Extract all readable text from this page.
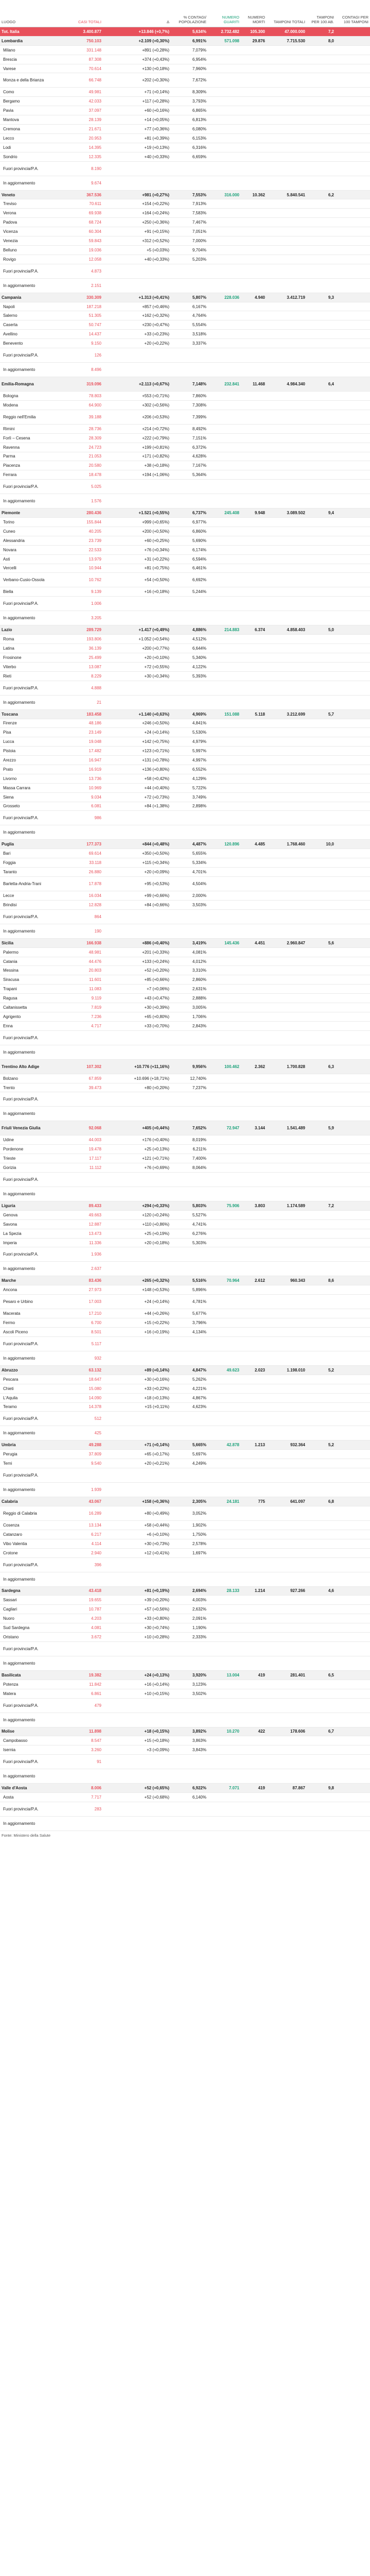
LUOGO	CASI TOTALI	Δ	% CONTAGI/ POPOLAZIONE	NUMERO GUARITI	NUMERO MORTI	TAMPONI TOTALI	TAMPONI PER 100 AB.	CONTAGI PER 100 TAMPONI
Tot. Italia	3.400.877	+13.846 (+0,7%)	5,634%	2.732.482	105.300	47.000.000	7,2	
Lombardia	750.103	+2.109 (+0,30%)	6,991%	571.098	29.876	7.715.530	8,0	
Milano	331.148	+891 (+0,28%)	7,079%					
Brescia	87.308	+374 (+0,43%)	6,954%					
Varese	70.614	+130 (+0,18%)	7,960%					
Monza e della Brianza	66.748	+202 (+0,30%)	7,672%					
Como	49.981	+71 (+0,14%)	8,309%					
Bergamo	42.033	+117 (+0,28%)	3,793%					
Pavia	37.097	+60 (+0,16%)	6,865%					
Mantova	28.139	+14 (+0,05%)	6,813%					
Cremona	21.671	+77 (+0,36%)	6,080%					
Lecco	20.953	+81 (+0,39%)	6,153%					
Lodi	14.395	+19 (+0,13%)	6,316%					
Sondrio	12.335	+40 (+0,33%)	6,659%					
Fuori provincia/P.A.	8.190							
In aggiornamento	9.674							
Veneto	367.536	+981 (+0,27%)	7,553%	316.000	10.362	5.840.541	6,2	
Treviso	70.611	+154 (+0,22%)	7,913%					
Verona	69.938	+164 (+0,24%)	7,583%					
Padova	68.724	+250 (+0,36%)	7,467%					
Vicenza	60.304	+91 (+0,15%)	7,051%					
Venezia	59.843	+312 (+0,52%)	7,000%					
Belluno	19.036	+5 (+0,03%)	9,704%					
Rovigo	12.058	+40 (+0,33%)	5,203%					
Fuori provincia/P.A.	4.873							
In aggiornamento	2.151							
Campania	330.309	+1.313 (+0,41%)	5,807%	228.036	4.940	3.412.719	9,3	
Napoli	187.218	+857 (+0,46%)	6,167%					
Salerno	51.305	+162 (+0,32%)	4,764%					
Caserta	50.747	+230 (+0,47%)	5,554%					
Avellino	14.437	+33 (+0,23%)	3,518%					
Benevento	9.150	+20 (+0,22%)	3,337%					
Fuori provincia/P.A.	126							
In aggiornamento	8.496							
Emilia-Romagna	319.096	+2.113 (+0,67%)	7,148%	232.841	11.468	4.984.340	6,4	
Bologna	78.803	+553 (+0,71%)	7,860%					
Modena	64.900	+302 (+0,56%)	7,308%					
Reggio nell'Emilia	39.188	+206 (+0,53%)	7,399%					
Rimini	28.736	+214 (+0,72%)	8,492%					
Forlì – Cesena	28.309	+222 (+0,79%)	7,151%					
Ravenna	24.723	+199 (+0,81%)	6,372%					
Parma	21.053	+171 (+0,82%)	4,628%					
Piacenza	20.580	+38 (+0,18%)	7,167%					
Ferrara	18.478	+194 (+1,06%)	5,364%					
Fuori provincia/P.A.	5.025							
In aggiornamento	1.576							
Piemonte	280.436	+1.521 (+0,55%)	6,737%	245.408	9.948	3.089.502	9,4	
Torino	155.844	+999 (+0,65%)	6,977%					
Cuneo	40.205	+200 (+0,50%)	6,860%					
Alessandria	23.739	+60 (+0,25%)	5,690%					
Novara	22.533	+76 (+0,34%)	6,174%					
Asti	13.979	+31 (+0,22%)	6,594%					
Vercelli	10.944	+81 (+0,75%)	6,461%					
Verbano-Cusio-Ossola	10.762	+54 (+0,50%)	6,692%					
Biella	9.139	+16 (+0,18%)	5,244%					
Fuori provincia/P.A.	1.006							
In aggiornamento	3.205							
Lazio	289.729	+1.417 (+0,49%)	4,886%	214.883	6.374	4.858.403	5,0	
Roma	193.806	+1.052 (+0,54%)	4,512%					
Latina	36.139	+200 (+0,77%)	6,644%					
Frosinone	25.499	+20 (+0,10%)	5,340%					
Viterbo	13.087	+72 (+0,55%)	4,122%					
Rieti	8.229	+30 (+0,34%)	5,393%					
Fuori provincia/P.A.	4.888							
In aggiornamento	21							
Toscana	183.458	+1.140 (+0,63%)	4,969%	151.088	5.118	3.212.699	5,7	
Firenze	48.186	+246 (+0,50%)	4,841%					
Pisa	23.149	+24 (+0,14%)	5,530%					
Lucca	19.048	+142 (+0,75%)	4,979%					
Pistoia	17.482	+123 (+0,71%)	5,997%					
Arezzo	16.947	+131 (+0,78%)	4,997%					
Prato	16.919	+136 (+0,80%)	6,552%					
Livorno	13.736	+58 (+0,42%)	4,129%					
Massa Carrara	10.969	+44 (+0,40%)	5,722%					
Siena	9.034	+72 (+0,73%)	3,749%					
Grosseto	6.081	+84 (+1,38%)	2,898%					
Fuori provincia/P.A.	986							
In aggiornamento								
Puglia	177.373	+844 (+0,48%)	4,487%	120.896	4.485	1.768.460	10,0	
Bari	69.614	+350 (+0,50%)	5,655%					
Foggia	33.118	+115 (+0,34%)	5,334%					
Taranto	26.880	+20 (+0,09%)	4,701%					
Barletta-Andria-Trani	17.878	+95 (+0,53%)	4,504%					
Lecce	16.034	+99 (+0,66%)	2,000%					
Brindisi	12.828	+84 (+0,66%)	3,503%					
Fuori provincia/P.A.	864							
In aggiornamento	190							
Sicilia	166.938	+886 (+0,40%)	3,419%	145.436	4.451	2.960.847	5,6	
Palermo	48.981	+201 (+0,33%)	4,081%					
Catania	44.476	+133 (+0,24%)	4,012%					
Messina	20.803	+52 (+0,20%)	3,310%					
Siracusa	11.601	+85 (+0,66%)	2,860%					
Trapani	11.083	+7 (+0,06%)	2,631%					
Ragusa	9.119	+43 (+0,47%)	2,888%					
Caltanissetta	7.819	+30 (+0,39%)	3,005%					
Agrigento	7.236	+65 (+0,80%)	1,706%					
Enna	4.717	+33 (+0,70%)	2,843%					
Fuori provincia/P.A.								
In aggiornamento								
Trentino Alto Adige	107.302	+10.776 (+11,16%)	9,956%	100.462	2.362	1.700.828	6,3	
Bolzano	67.859	+10.696 (+18,71%)	12,740%					
Trento	39.473	+80 (+0,20%)	7,237%					
Fuori provincia/P.A.								
In aggiornamento								
Friuli Venezia Giulia	92.068	+405 (+0,44%)	7,652%	72.947	3.144	1.541.489	5,9	
Udine	44.003	+176 (+0,40%)	8,019%					
Pordenone	19.478	+25 (+0,13%)	6,211%					
Trieste	17.117	+121 (+0,71%)	7,400%					
Gorizia	11.112	+76 (+0,69%)	8,064%					
Fuori provincia/P.A.								
In aggiornamento								
Liguria	89.433	+294 (+0,33%)	5,803%	75.906	3.803	1.174.589	7,2	
Genova	49.663	+120 (+0,24%)	5,527%					
Savona	12.887	+110 (+0,86%)	4,741%					
La Spezia	13.473	+25 (+0,19%)	6,276%					
Imperia	11.336	+20 (+0,18%)	5,303%					
Fuori provincia/P.A.	1.936							
In aggiornamento	2.637							
Marche	83.436	+265 (+0,32%)	5,516%	70.964	2.612	960.343	8,6	
Ancona	27.973	+148 (+0,53%)	5,896%					
Pesaro e Urbino	17.003	+24 (+0,14%)	4,781%					
Macerata	17.210	+44 (+0,26%)	5,677%					
Fermo	6.700	+15 (+0,22%)	3,796%					
Ascoli Piceno	8.501	+16 (+0,19%)	4,134%					
Fuori provincia/P.A.	5.117							
In aggiornamento	932							
Abruzzo	63.132	+89 (+0,14%)	4,847%	49.623	2.023	1.198.010	5,2	
Pescara	18.647	+30 (+0,16%)	5,262%					
Chieti	15.080	+33 (+0,22%)	4,221%					
L'Aquila	14.090	+18 (+0,13%)	4,867%					
Teramo	14.378	+15 (+0,11%)	4,623%					
Fuori provincia/P.A.	512							
In aggiornamento	425							
Umbria	49.288	+71 (+0,14%)	5,665%	42.878	1.213	932.364	5,2	
Perugia	37.809	+65 (+0,17%)	5,697%					
Terni	9.540	+20 (+0,21%)	4,249%					
Fuori provincia/P.A.								
In aggiornamento	1.939							
Calabria	43.067	+158 (+0,36%)	2,305%	24.181	775	641.097	6,8	
Reggio di Calabria	16.289	+80 (+0,49%)	3,052%					
Cosenza	13.134	+58 (+0,44%)	1,902%					
Catanzaro	6.217	+6 (+0,10%)	1,750%					
Vibo Valentia	4.114	+30 (+0,73%)	2,578%					
Crotone	2.940	+12 (+0,41%)	1,697%					
Fuori provincia/P.A.	396							
In aggiornamento								
Sardegna	43.418	+81 (+0,19%)	2,694%	28.133	1.214	927.266	4,6	
Sassari	19.655	+39 (+0,20%)	4,003%					
Cagliari	10.787	+57 (+0,56%)	2,632%					
Nuoro	4.203	+33 (+0,80%)	2,091%					
Sud Sardegna	4.081	+30 (+0,74%)	1,190%					
Oristano	3.672	+10 (+0,28%)	2,333%					
Fuori provincia/P.A.								
In aggiornamento								
Basilicata	19.382	+24 (+0,13%)	3,920%	13.004	419	281.401	6,5	
Potenza	11.842	+16 (+0,14%)	3,123%					
Matera	6.861	+10 (+0,15%)	3,502%					
Fuori provincia/P.A.	479							
In aggiornamento								
Molise	11.898	+18 (+0,15%)	3,892%	10.270	422	178.606	6,7	
Campobasso	8.547	+15 (+0,18%)	3,863%					
Isernia	3.260	+3 (+0,09%)	3,843%					
Fuori provincia/P.A.	91							
In aggiornamento								
Valle d'Aosta	8.006	+52 (+0,65%)	6,922%	7.071	419	87.867	9,8	
Aosta	7.717	+52 (+0,68%)	6,140%					
Fuori provincia/P.A.	283							
In aggiornamento								
Fonte: Ministero della Salute
